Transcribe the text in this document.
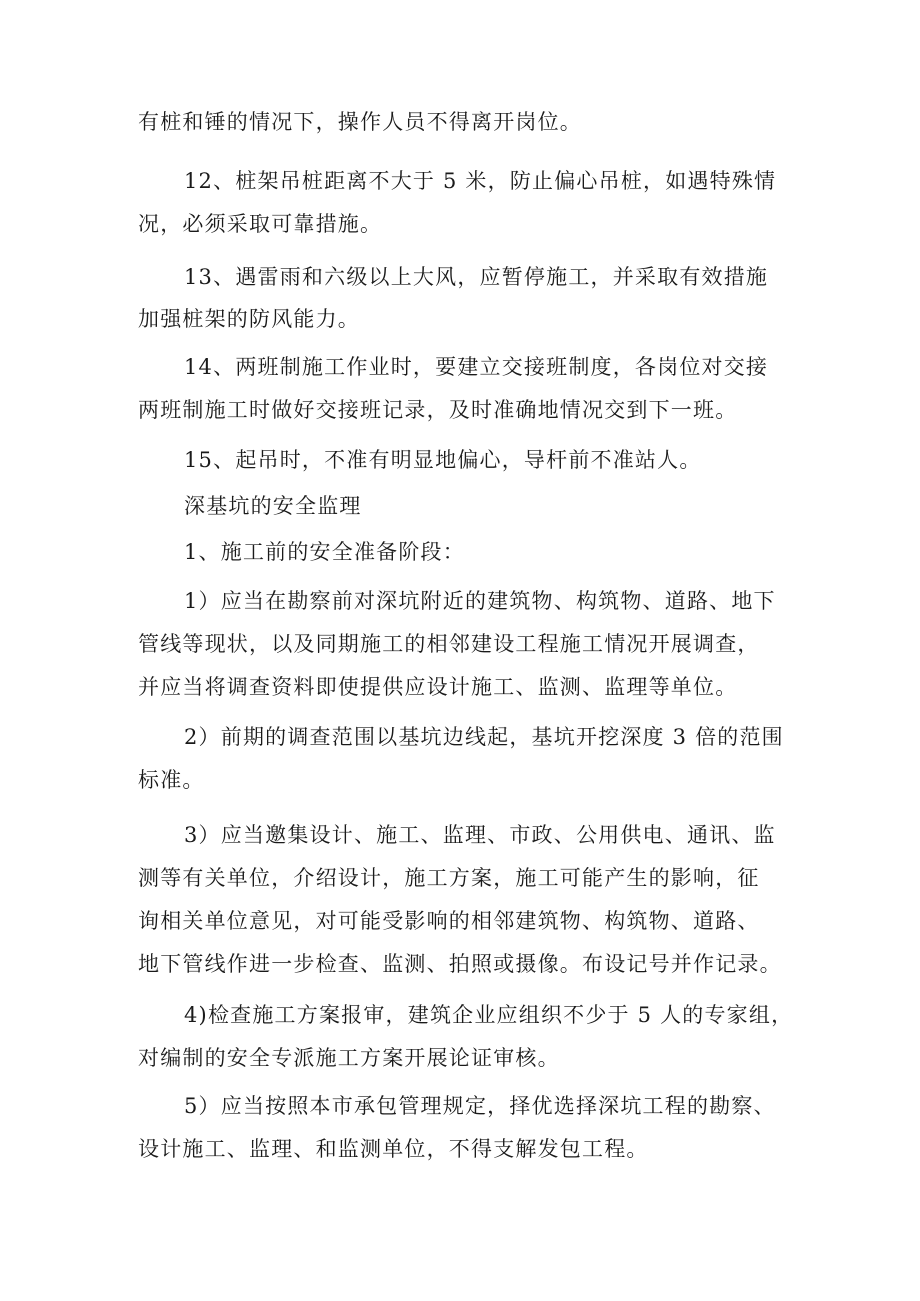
有桩和锤的情况下，操作人员不得离开岗位。
12、桩架吊桩距离不大于 5 米，防止偏心吊桩，如遇特殊情
况，必须采取可靠措施。
13、遇雷雨和六级以上大风，应暂停施工，并采取有效措施
加强桩架的防风能力。
14、两班制施工作业时，要建立交接班制度，各岗位对交接
两班制施工时做好交接班记录，及时准确地情况交到下一班。
15、起吊时，不准有明显地偏心，导杆前不准站人。
深基坑的安全监理
1、施工前的安全准备阶段：
1）应当在勘察前对深坑附近的建筑物、构筑物、道路、地下
管线等现状，以及同期施工的相邻建设工程施工情况开展调查，
并应当将调查资料即使提供应设计施工、监测、监理等单位。
2）前期的调查范围以基坑边线起，基坑开挖深度 3 倍的范围
标准。
3）应当邀集设计、施工、监理、市政、公用供电、通讯、监
测等有关单位，介绍设计，施工方案，施工可能产生的影响，征
询相关单位意见，对可能受影响的相邻建筑物、构筑物、道路、
地下管线作进一步检查、监测、拍照或摄像。布设记号并作记录。
4)检查施工方案报审，建筑企业应组织不少于 5 人的专家组，
对编制的安全专派施工方案开展论证审核。
5）应当按照本市承包管理规定，择优选择深坑工程的勘察、
设计施工、监理、和监测单位，不得支解发包工程。
